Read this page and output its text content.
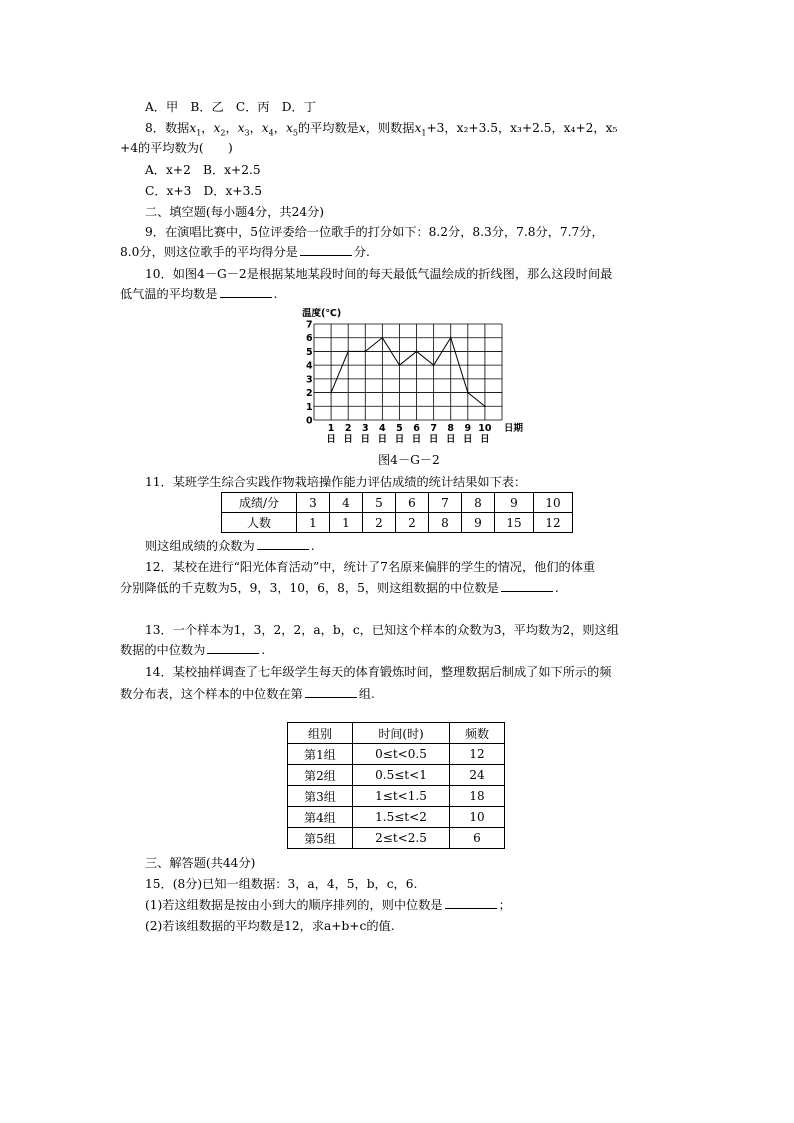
A．甲　B．乙　C．丙　D．丁
8．数据$x_1$，$x_2$，$x_3$，$x_4$，$x_5$的平均数是x，则数据$x_1+3$，x₂+3.5，x₃+2.5，x₄+2，x₅
+4的平均数为(　　)
A．x+2　B．x+2.5
C．x+3　D．x+3.5
二、填空题(每小题4分，共24分)
9．在演唱比赛中，5位评委给一位歌手的打分如下：8.2分，8.3分，7.8分，7.7分，
8.0分，则这位歌手的平均得分是	分.
10．如图4－G－2是根据某地某段时间的每天最低气温绘成的折线图，那么这段时间最
低气温的平均数是	.
温度(℃)
0
1
2
3
4
5
6
7
1
日
2
日
3
日
4
日
5
日
6
日
7
日
8
日
9
日
10
日
日期
图4－G－2
11．某班学生综合实践作物栽培操作能力评估成绩的统计结果如下表：
成绩/分	3	4	5	6	7	8	9	10
人数	1	1	2	2	8	9	15	12
则这组成绩的众数为	.
12．某校在进行“阳光体育活动”中，统计了7名原来偏胖的学生的情况，他们的体重
分别降低的千克数为5，9，3，10，6，8，5，则这组数据的中位数是	.
13．一个样本为1，3，2，2，a，b，c，已知这个样本的众数为3，平均数为2，则这组
数据的中位数为	.
14．某校抽样调查了七年级学生每天的体育锻炼时间，整理数据后制成了如下所示的频
数分布表，这个样本的中位数在第	组.
组别	时间(时)	频数
第1组	0≤t<0.5	12
第2组	0.5≤t<1	24
第3组	1≤t<1.5	18
第4组	1.5≤t<2	10
第5组	2≤t<2.5	6
三、解答题(共44分)
15．(8分)已知一组数据：3，a，4，5，b，c，6.
(1)若这组数据是按由小到大的顺序排列的，则中位数是	；
(2)若该组数据的平均数是12，求a+b+c的值.
